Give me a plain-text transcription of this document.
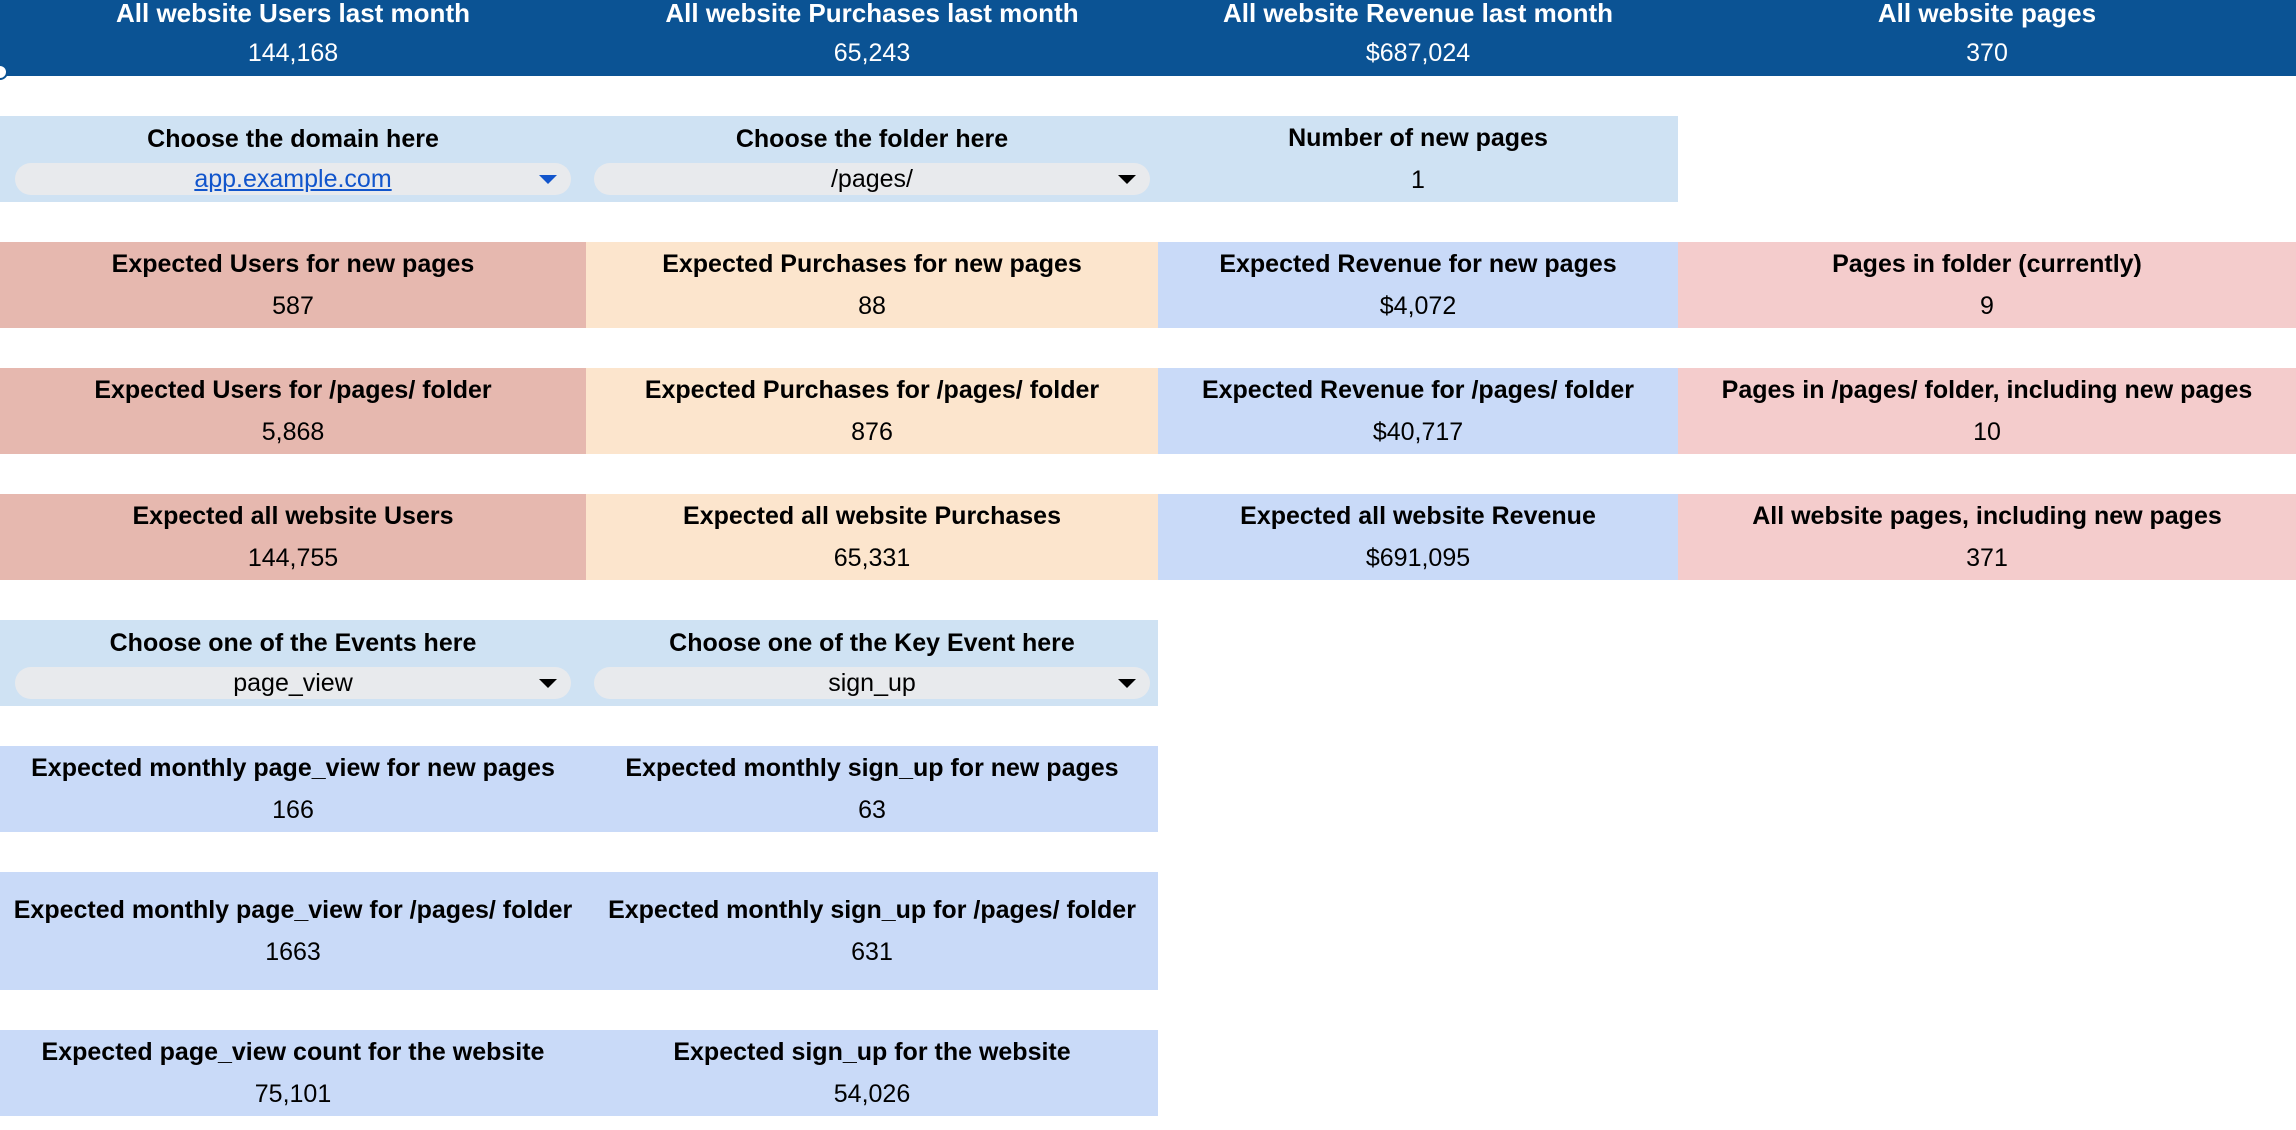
All website Users last month
144,168
All website Purchases last month
65,243
All website Revenue last month
$687,024
All website pages
370
Choose the domain here
app.example.com
Choose the folder here
/pages/
Number of new pages
1
Expected Users for new pages
587
Expected Purchases for new pages
88
Expected Revenue for new pages
$4,072
Pages in folder (currently)
9
Expected Users for /pages/ folder
5,868
Expected Purchases for /pages/ folder
876
Expected Revenue for /pages/ folder
$40,717
Pages in /pages/ folder, including new pages
10
Expected all website Users
144,755
Expected all website Purchases
65,331
Expected all website Revenue
$691,095
All website pages, including new pages
371
Choose one of the Events here
page_view
Choose one of the Key Event here
sign_up
Expected monthly page_view for new pages
166
Expected monthly sign_up for new pages
63
Expected monthly page_view for /pages/ folder
1663
Expected monthly sign_up for /pages/ folder
631
Expected page_view count for the website
75,101
Expected sign_up for the website
54,026
